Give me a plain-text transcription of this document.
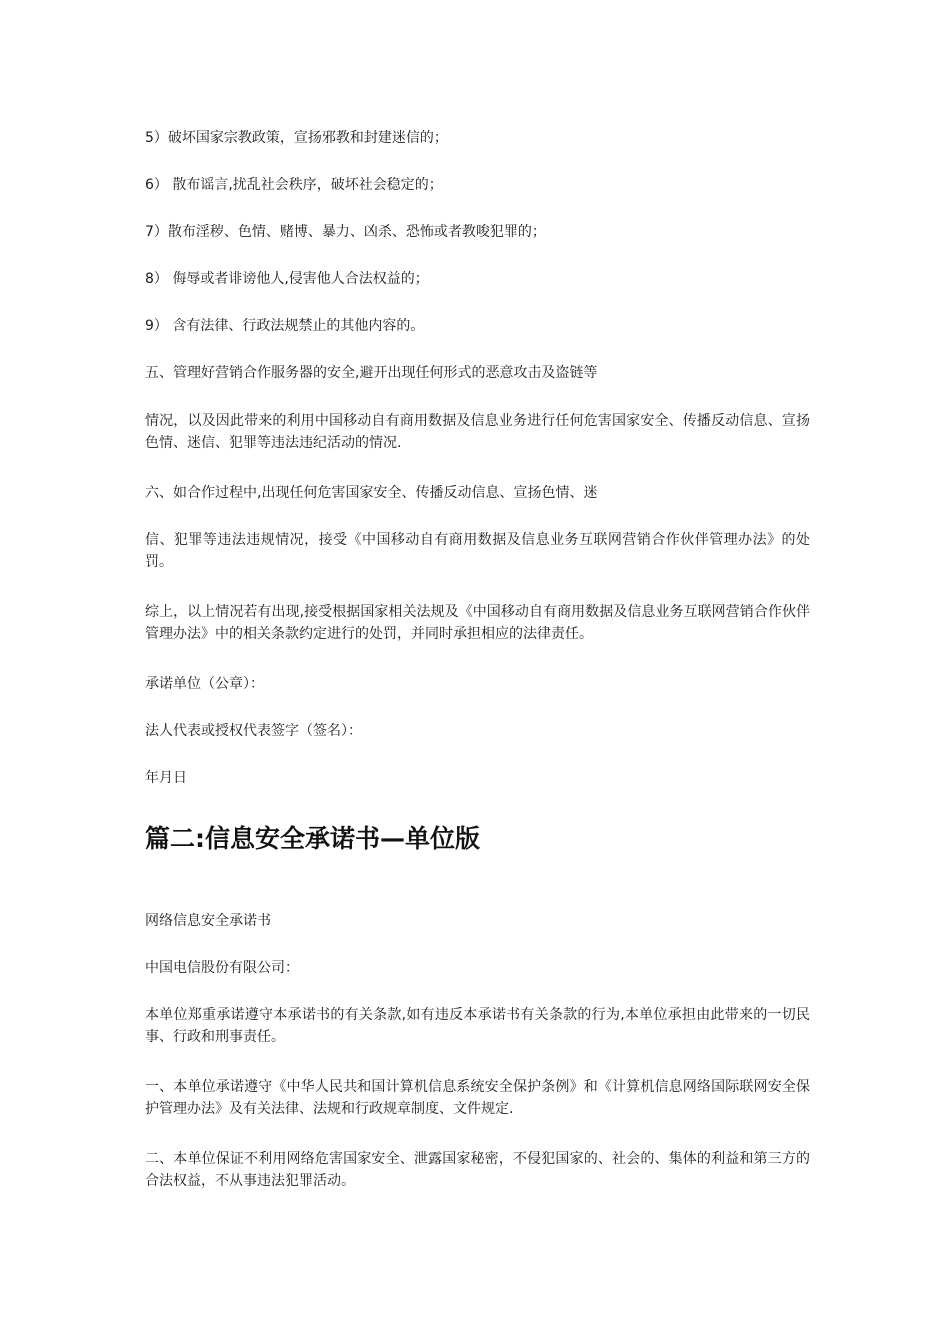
5）破坏国家宗教政策，宣扬邪教和封建迷信的；

6） 散布谣言,扰乱社会秩序，破坏社会稳定的；

7）散布淫秽、色情、赌博、暴力、凶杀、恐怖或者教唆犯罪的；

8） 侮辱或者诽谤他人,侵害他人合法权益的；

9） 含有法律、行政法规禁止的其他内容的。

五、管理好营销合作服务器的安全,避开出现任何形式的恶意攻击及盗链等

情况，以及因此带来的利用中国移动自有商用数据及信息业务进行任何危害国家安全、传播反动信息、宣扬色情、迷信、犯罪等违法违纪活动的情况.

六、如合作过程中,出现任何危害国家安全、传播反动信息、宣扬色情、迷

信、犯罪等违法违规情况，接受《中国移动自有商用数据及信息业务互联网营销合作伙伴管理办法》的处罚。

综上，以上情况若有出现,接受根据国家相关法规及《中国移动自有商用数据及信息业务互联网营销合作伙伴管理办法》中的相关条款约定进行的处罚，并同时承担相应的法律责任。

承诺单位（公章）：

法人代表或授权代表签字（签名）：

年月日

篇二:信息安全承诺书—单位版

网络信息安全承诺书

中国电信股份有限公司：

本单位郑重承诺遵守本承诺书的有关条款,如有违反本承诺书有关条款的行为,本单位承担由此带来的一切民事、行政和刑事责任。

一、本单位承诺遵守《中华人民共和国计算机信息系统安全保护条例》和《计算机信息网络国际联网安全保护管理办法》及有关法律、法规和行政规章制度、文件规定.

二、本单位保证不利用网络危害国家安全、泄露国家秘密，不侵犯国家的、社会的、集体的利益和第三方的合法权益，不从事违法犯罪活动。
